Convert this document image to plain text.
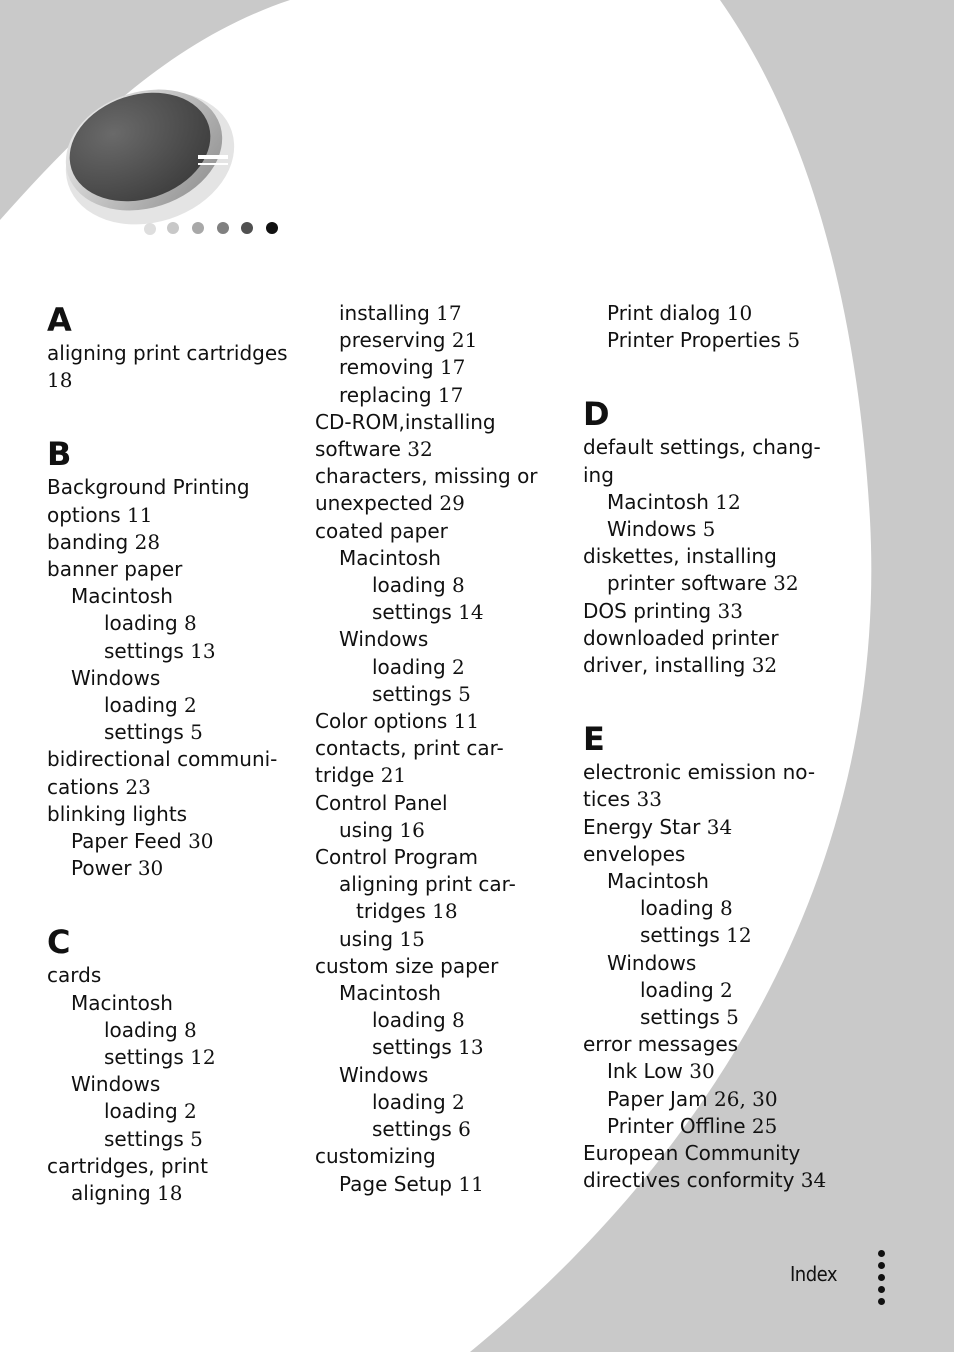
A
aligning print cartridges
18
B
Background Printing
options 11
banding 28
banner paper
Macintosh
loading 8
settings 13
Windows
loading 2
settings 5
bidirectional communi-
cations 23
blinking lights
Paper Feed 30
Power 30
C
cards
Macintosh
loading 8
settings 12
Windows
loading 2
settings 5
cartridges, print
aligning 18
installing 17
preserving 21
removing 17
replacing 17
CD-ROM,installing
software 32
characters, missing or
unexpected 29
coated paper
Macintosh
loading 8
settings 14
Windows
loading 2
settings 5
Color options 11
contacts, print car-
tridge 21
Control Panel
using 16
Control Program
aligning print car-
tridges 18
using 15
custom size paper
Macintosh
loading 8
settings 13
Windows
loading 2
settings 6
customizing
Page Setup 11
Print dialog 10
Printer Properties 5
D
default settings, chang-
ing
Macintosh 12
Windows 5
diskettes, installing
printer software 32
DOS printing 33
downloaded printer
driver, installing 32
E
electronic emission no-
tices 33
Energy Star 34
envelopes
Macintosh
loading 8
settings 12
Windows
loading 2
settings 5
error messages
Ink Low 30
Paper Jam 26, 30
Printer Offline 25
European Community
directives conformity 34
Index
